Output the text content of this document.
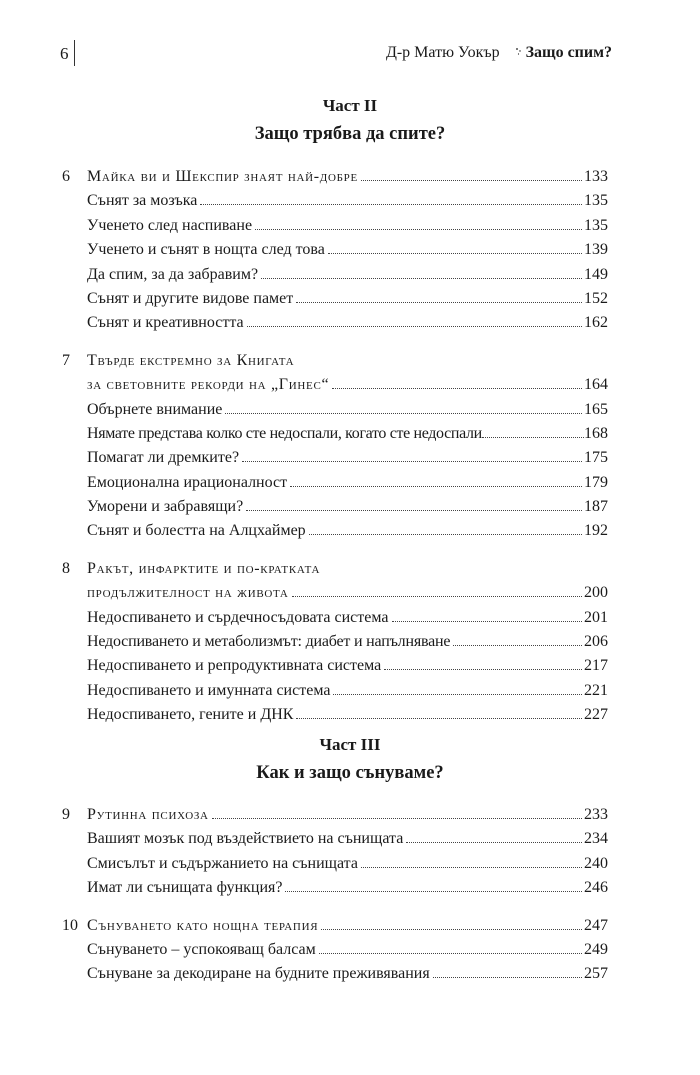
6	Д-р Матю Уокър Защо спим?
Част II
Защо трябва да спите?
6 Майка ви и Шекспир знаят най-добре	133
Сънят за мозъка	135
Ученето след наспиване	135
Ученето и сънят в нощта след това	139
Да спим, за да забравим?	149
Сънят и другите видове памет	152
Сънят и креативността	162
7 Твърде екстремно за Книгата
за световните рекорди на „Гинес“	164
Обърнете внимание	165
Нямате представа колко сте недоспали, когато сте недоспали	168
Помагат ли дремките?	175
Емоционална ирационалност	179
Уморени и забравящи?	187
Сънят и болестта на Алцхаймер	192
8 Ракът, инфарктите и по-кратката
продължителност на живота	200
Недоспиването и сърдечносъдовата система	201
Недоспиването и метаболизмът: диабет и напълняване	206
Недоспиването и репродуктивната система	217
Недоспиването и имунната система	221
Недоспиването, гените и ДНК	227
Част III
Как и защо сънуваме?
9 Рутинна психоза	233
Вашият мозък под въздействието на сънищата	234
Смисълът и съдържанието на сънищата	240
Имат ли сънищата функция?	246
10 Сънуването като нощна терапия	247
Сънуването – успокояващ балсам	249
Сънуване за декодиране на будните преживявания	257
